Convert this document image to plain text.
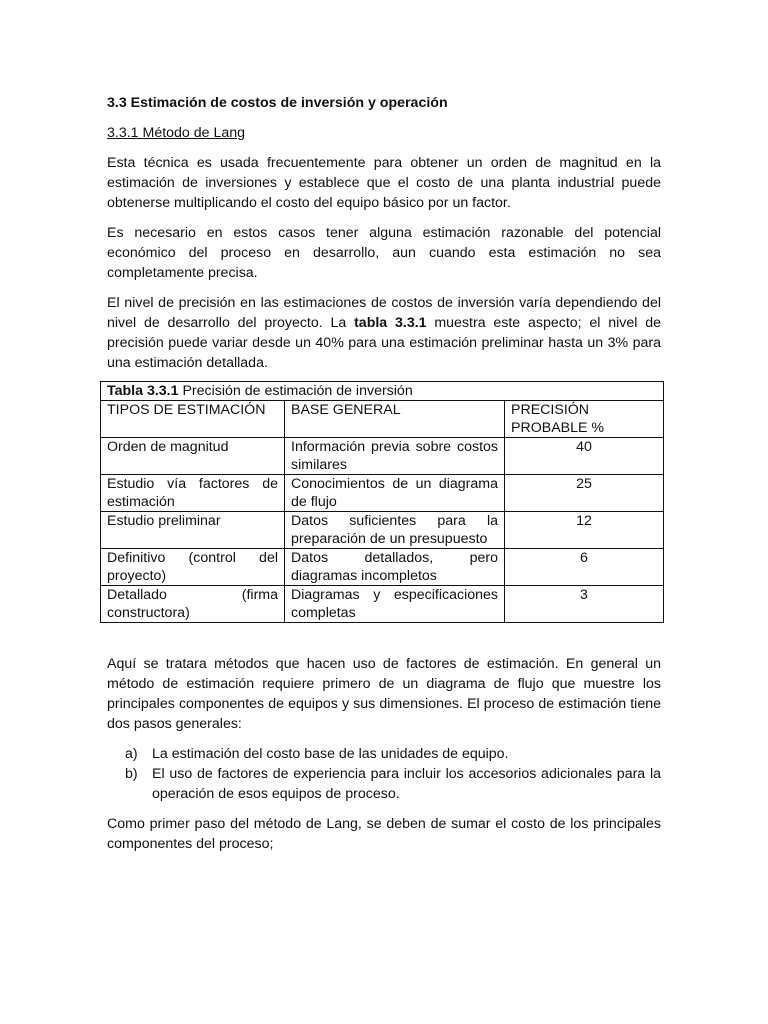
3.3 Estimación de costos de inversión y operación
3.3.1 Método de Lang

Esta técnica es usada frecuentemente para obtener un orden de magnitud en la estimación de inversiones y establece que el costo de una planta industrial puede obtenerse multiplicando el costo del equipo básico por un factor.

Es necesario en estos casos tener alguna estimación razonable del potencial económico del proceso en desarrollo, aun cuando esta estimación no sea completamente precisa.

El nivel de precisión en las estimaciones de costos de inversión varía dependiendo del nivel de desarrollo del proyecto. La tabla 3.3.1 muestra este aspecto; el nivel de precisión puede variar desde un 40% para una estimación preliminar hasta un 3% para una estimación detallada.

Tabla 3.3.1 Precisión de estimación de inversión		
TIPOS DE ESTIMACIÓN	BASE GENERAL	PRECISIÓN PROBABLE %
Orden de magnitud	Información previa sobre costos similares	40
Estudio vía factores de estimación	Conocimientos de un diagrama de flujo	25
Estudio preliminar	Datos suficientes para la preparación de un presupuesto	12
Definitivo (control del proyecto)	Datos detallados, pero diagramas incompletos	6
Detallado (firma constructora)	Diagramas y especificaciones completas	3

Aquí se tratara métodos que hacen uso de factores de estimación. En general un método de estimación requiere primero de un diagrama de flujo que muestre los principales componentes de equipos y sus dimensiones. El proceso de estimación tiene dos pasos generales:

a) La estimación del costo base de las unidades de equipo.
b) El uso de factores de experiencia para incluir los accesorios adicionales para la operación de esos equipos de proceso.

Como primer paso del método de Lang, se deben de sumar el costo de los principales componentes del proceso;
